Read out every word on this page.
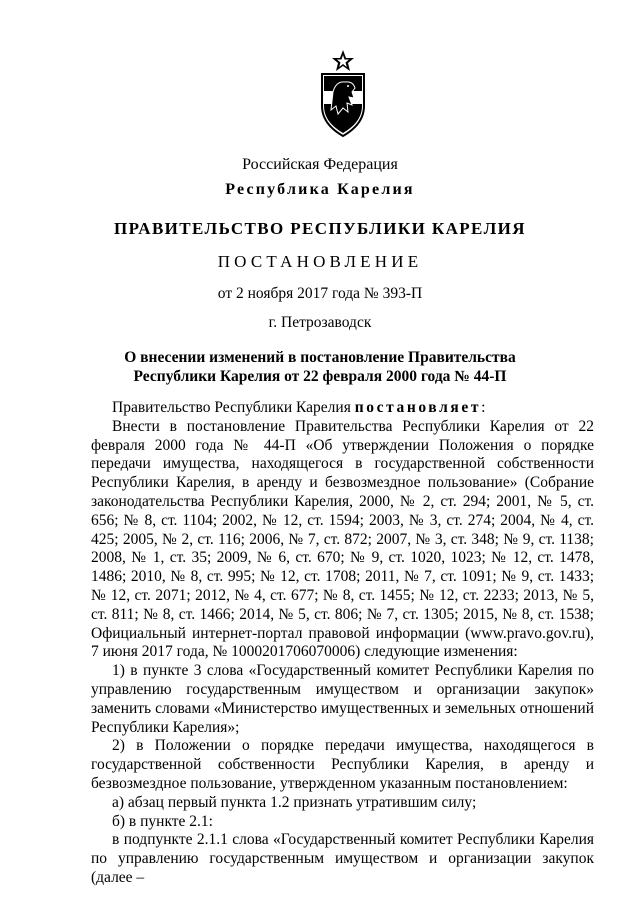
Российская Федерация
Республика Карелия
ПРАВИТЕЛЬСТВО РЕСПУБЛИКИ КАРЕЛИЯ
ПОСТАНОВЛЕНИЕ
от 2 ноября 2017 года № 393-П
г. Петрозаводск
О внесении изменений в постановление Правительства
Республики Карелия от 22 февраля 2000 года № 44-П

Правительство Республики Карелия постановляет:

Внести в постановление Правительства Республики Карелия от 22 февраля 2000 года № 44-П «Об утверждении Положения о порядке передачи имущества, находящегося в государственной собственности Республики Карелия, в аренду и безвозмездное пользование» (Собрание законодательства Республики Карелия, 2000, № 2, ст. 294; 2001, № 5, ст. 656; № 8, ст. 1104; 2002, № 12, ст. 1594; 2003, № 3, ст. 274; 2004, № 4, ст. 425; 2005, № 2, ст. 116; 2006, № 7, ст. 872; 2007, № 3, ст. 348; № 9, ст. 1138; 2008, № 1, ст. 35; 2009, № 6, ст. 670; № 9, ст. 1020, 1023; № 12, ст. 1478, 1486; 2010, № 8, ст. 995; № 12, ст. 1708; 2011, № 7, ст. 1091; № 9, ст. 1433; № 12, ст. 2071; 2012, № 4, ст. 677; № 8, ст. 1455; № 12, ст. 2233; 2013, № 5, ст. 811; № 8, ст. 1466; 2014, № 5, ст. 806; № 7, ст. 1305; 2015, № 8, ст. 1538; Официальный интернет-портал правовой информации (www.pravo.gov.ru), 7 июня 2017 года, № 1000201706070006) следующие изменения:

1) в пункте 3 слова «Государственный комитет Республики Карелия по управлению государственным имуществом и организации закупок» заменить словами «Министерство имущественных и земельных отношений Республики Карелия»;

2) в Положении о порядке передачи имущества, находящегося в государственной собственности Республики Карелия, в аренду и безвозмездное пользование, утвержденном указанным постановлением:

а) абзац первый пункта 1.2 признать утратившим силу;

б) в пункте 2.1:

в подпункте 2.1.1 слова «Государственный комитет Республики Карелия по управлению государственным имуществом и организации закупок (далее –
